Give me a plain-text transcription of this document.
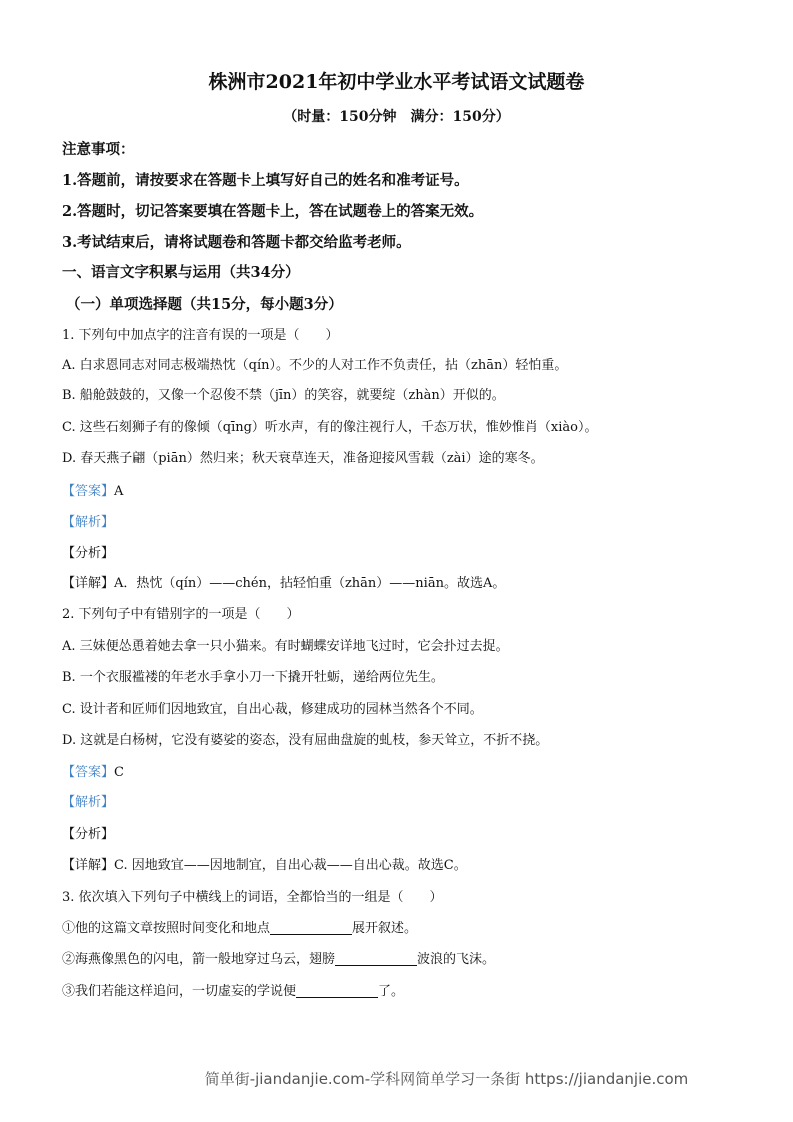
株洲市2021年初中学业水平考试语文试题卷
（时量：150分钟　满分：150分）
注意事项：
1.答题前，请按要求在答题卡上填写好自己的姓名和准考证号。
2.答题时，切记答案要填在答题卡上，答在试题卷上的答案无效。
3.考试结束后，请将试题卷和答题卡都交给监考老师。
一、语言文字积累与运用（共34分）
（一）单项选择题（共15分，每小题3分）
1. 下列句中加点字的注音有误的一项是（　　）
A. 白求恩同志对同志极端热忱（qín）。不少的人对工作不负责任，拈（zhān）轻怕重。
B. 船舱鼓鼓的，又像一个忍俊不禁（jīn）的笑容，就要绽（zhàn）开似的。
C. 这些石刻狮子有的像倾（qīng）听水声，有的像注视行人，千态万状，惟妙惟肖（xiào）。
D. 春天燕子翩（piān）然归来；秋天衰草连天，准备迎接风雪载（zài）途的寒冬。
【答案】A
【解析】
【分析】
【详解】A．热忱（qín）——chén，拈轻怕重（zhān）——niān。故选A。
2. 下列句子中有错别字的一项是（　　）
A. 三妹便怂恿着她去拿一只小猫来。有时蝴蝶安详地飞过时，它会扑过去捉。
B. 一个衣服褴褛的年老水手拿小刀一下撬开牡蛎，递给两位先生。
C. 设计者和匠师们因地致宜，自出心裁，修建成功的园林当然各个不同。
D. 这就是白杨树，它没有婆娑的姿态，没有屈曲盘旋的虬枝，参天耸立，不折不挠。
【答案】C
【解析】
【分析】
【详解】C. 因地致宜——因地制宜，自出心裁——自出心裁。故选C。
3. 依次填入下列句子中横线上的词语，全都恰当的一组是（　　）
①他的这篇文章按照时间变化和地点	展开叙述。
②海燕像黑色的闪电，箭一般地穿过乌云，翅膀	波浪的飞沫。
③我们若能这样追问，一切虚妄的学说便	了。
简单街-jiandanjie.com-学科网简单学习一条街 https://jiandanjie.com
